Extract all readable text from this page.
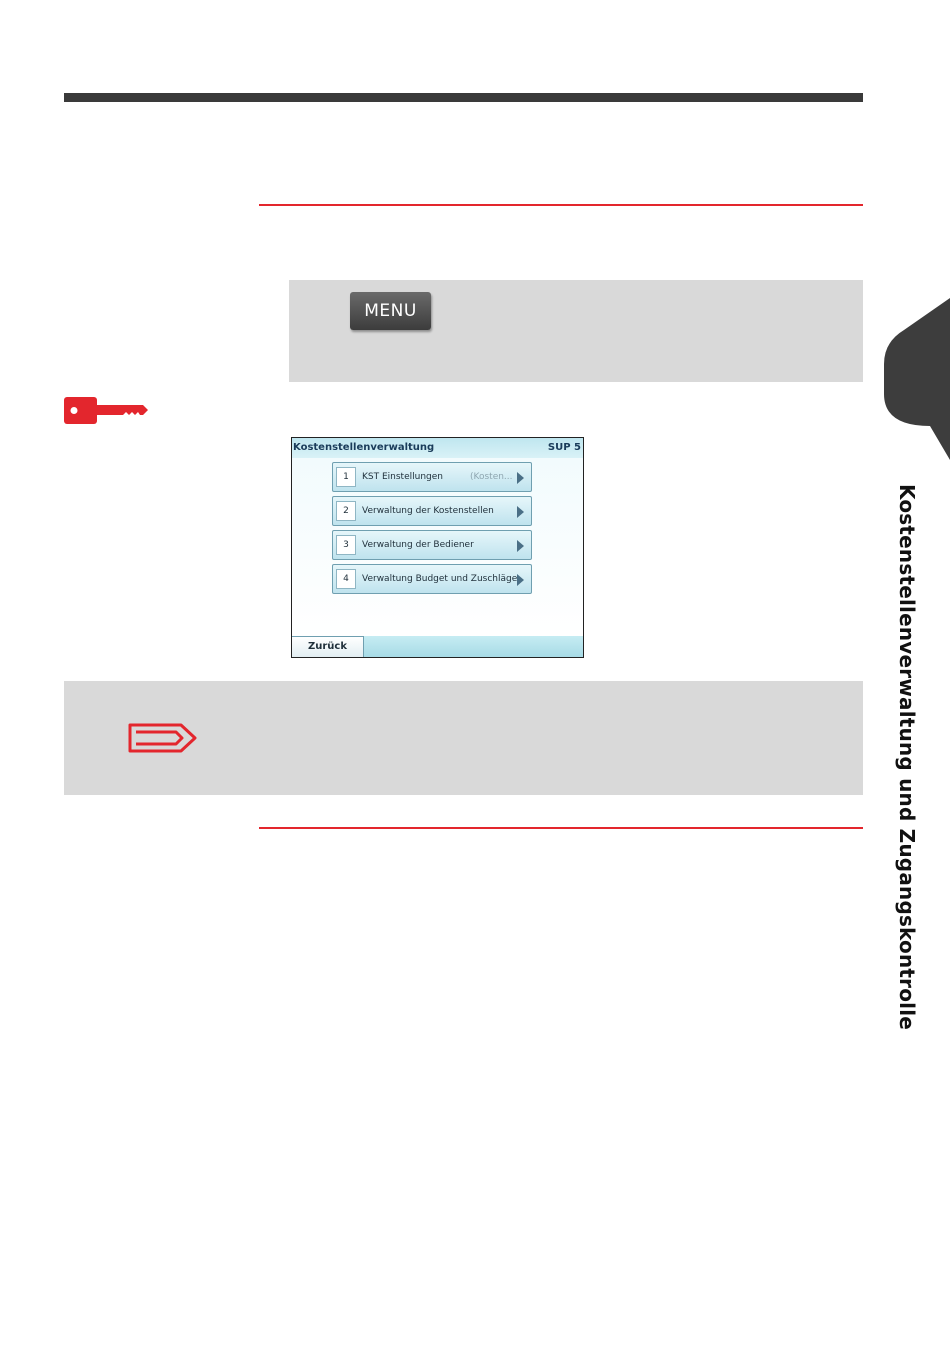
MENU
Kostenstellenverwaltung	SUP 5
1	KST Einstellungen	(Kosten...
2	Verwaltung der Kostenstellen
3	Verwaltung der Bediener
4	Verwaltung Budget und Zuschläge
Zurück	Kostenstellenverwaltung und Zugangskontrolle
